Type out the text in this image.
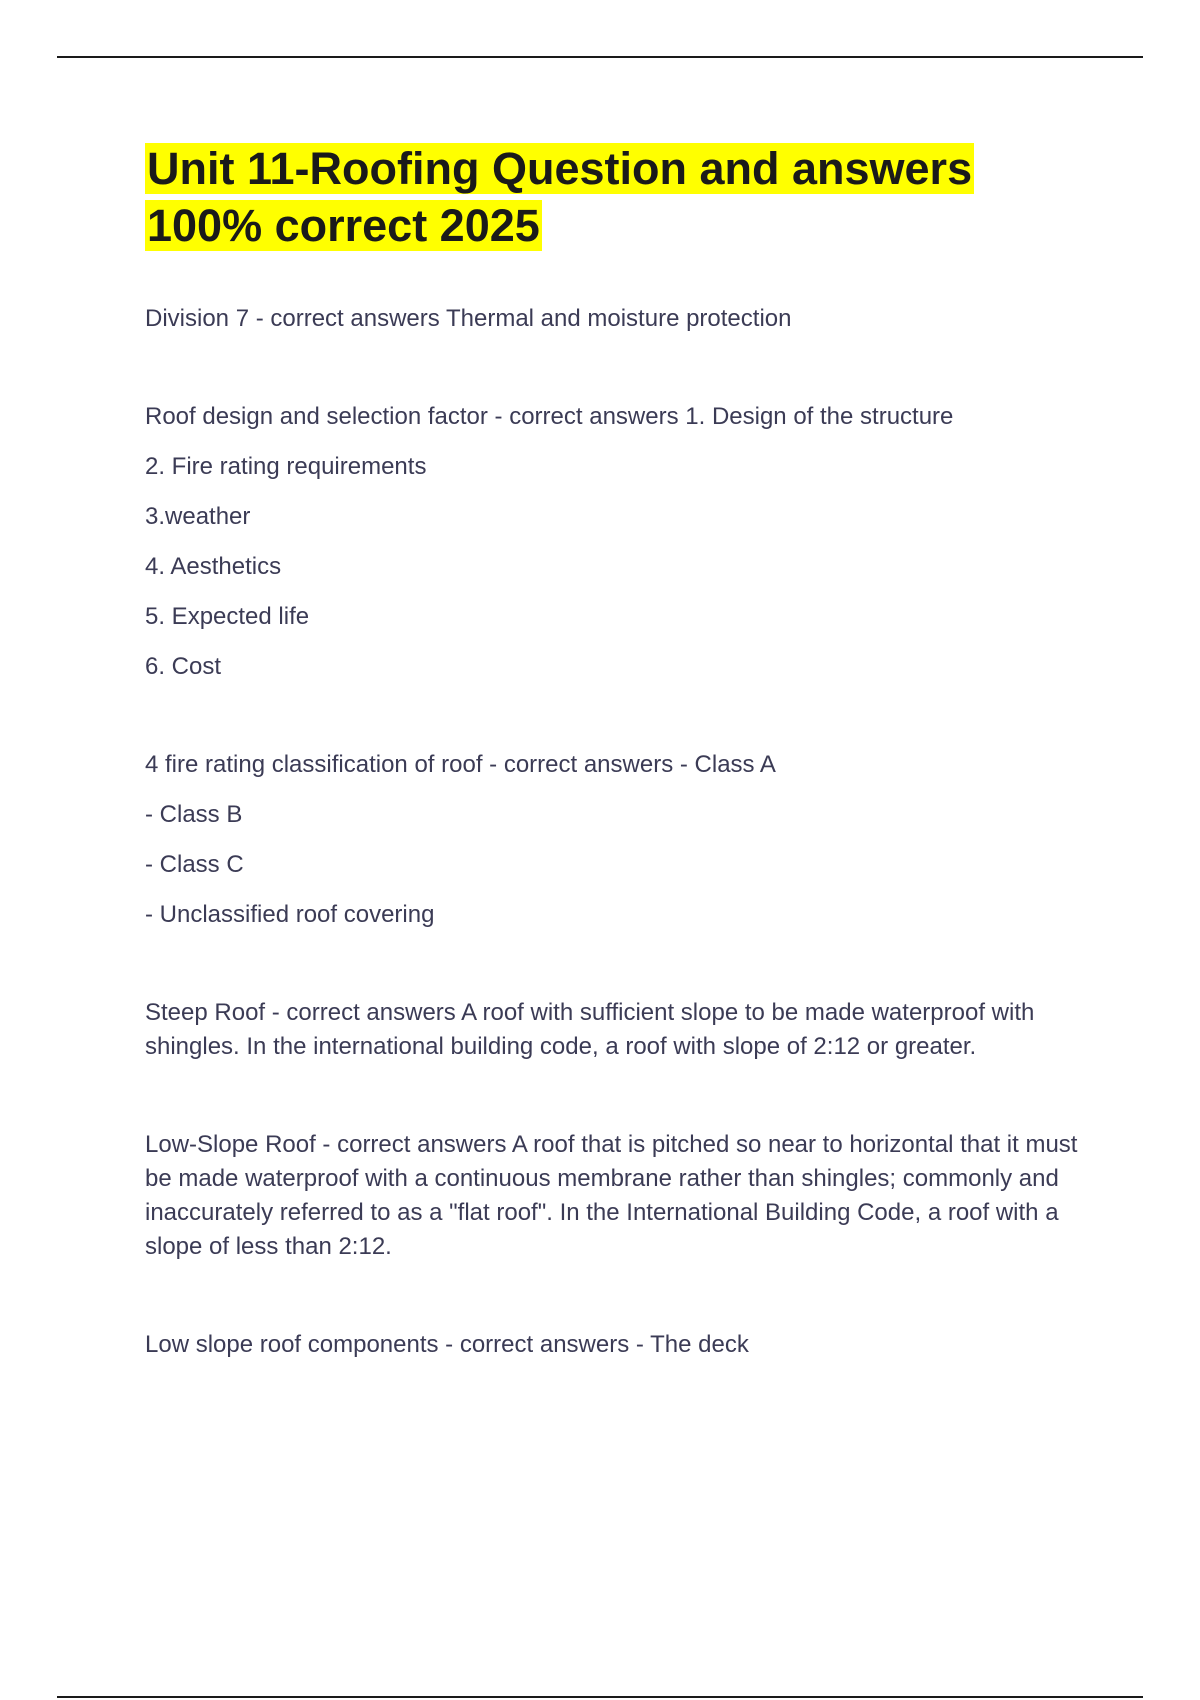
Unit 11-Roofing Question and answers
100% correct 2025
Division 7 - correct answers Thermal and moisture protection
Roof design and selection factor - correct answers 1. Design of the structure
2. Fire rating requirements
3.weather
4. Aesthetics
5. Expected life
6. Cost
4 fire rating classification of roof - correct answers - Class A
- Class B
- Class C
- Unclassified roof covering

Steep Roof - correct answers A roof with sufficient slope to be made waterproof with shingles. In the international building code, a roof with slope of 2:12 or greater.

Low-Slope Roof - correct answers A roof that is pitched so near to horizontal that it must be made waterproof with a continuous membrane rather than shingles; commonly and inaccurately referred to as a "flat roof". In the International Building Code, a roof with a slope of less than 2:12.

Low slope roof components - correct answers - The deck
